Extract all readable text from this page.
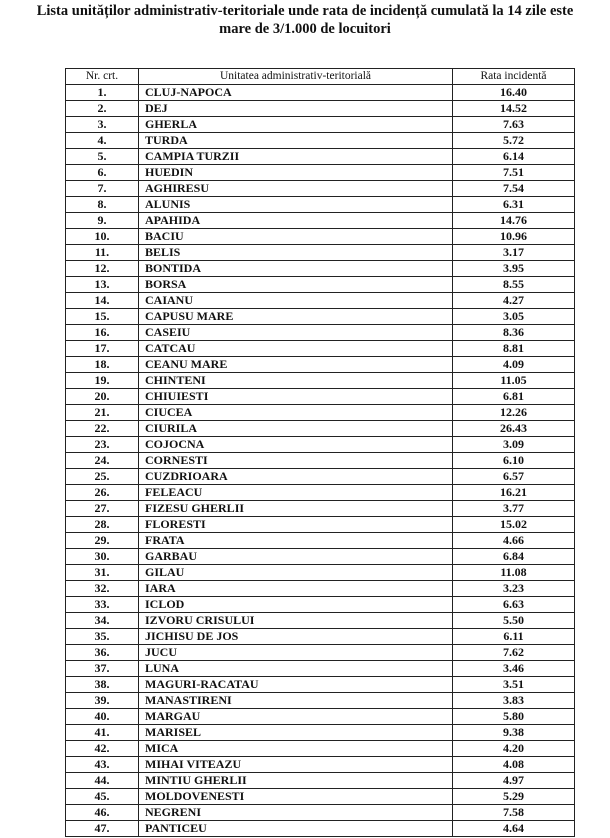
Lista unităților administrativ-teritoriale unde rata de incidență cumulată la 14 zile este
mare de 3/1.000 de locuitori
Nr. crt.	Unitatea administrativ-teritorială	Rata incidentă
1.	CLUJ-NAPOCA	16.40
2.	DEJ	14.52
3.	GHERLA	7.63
4.	TURDA	5.72
5.	CAMPIA TURZII	6.14
6.	HUEDIN	7.51
7.	AGHIRESU	7.54
8.	ALUNIS	6.31
9.	APAHIDA	14.76
10.	BACIU	10.96
11.	BELIS	3.17
12.	BONTIDA	3.95
13.	BORSA	8.55
14.	CAIANU	4.27
15.	CAPUSU MARE	3.05
16.	CASEIU	8.36
17.	CATCAU	8.81
18.	CEANU MARE	4.09
19.	CHINTENI	11.05
20.	CHIUIESTI	6.81
21.	CIUCEA	12.26
22.	CIURILA	26.43
23.	COJOCNA	3.09
24.	CORNESTI	6.10
25.	CUZDRIOARA	6.57
26.	FELEACU	16.21
27.	FIZESU GHERLII	3.77
28.	FLORESTI	15.02
29.	FRATA	4.66
30.	GARBAU	6.84
31.	GILAU	11.08
32.	IARA	3.23
33.	ICLOD	6.63
34.	IZVORU CRISULUI	5.50
35.	JICHISU DE JOS	6.11
36.	JUCU	7.62
37.	LUNA	3.46
38.	MAGURI-RACATAU	3.51
39.	MANASTIRENI	3.83
40.	MARGAU	5.80
41.	MARISEL	9.38
42.	MICA	4.20
43.	MIHAI VITEAZU	4.08
44.	MINTIU GHERLII	4.97
45.	MOLDOVENESTI	5.29
46.	NEGRENI	7.58
47.	PANTICEU	4.64
